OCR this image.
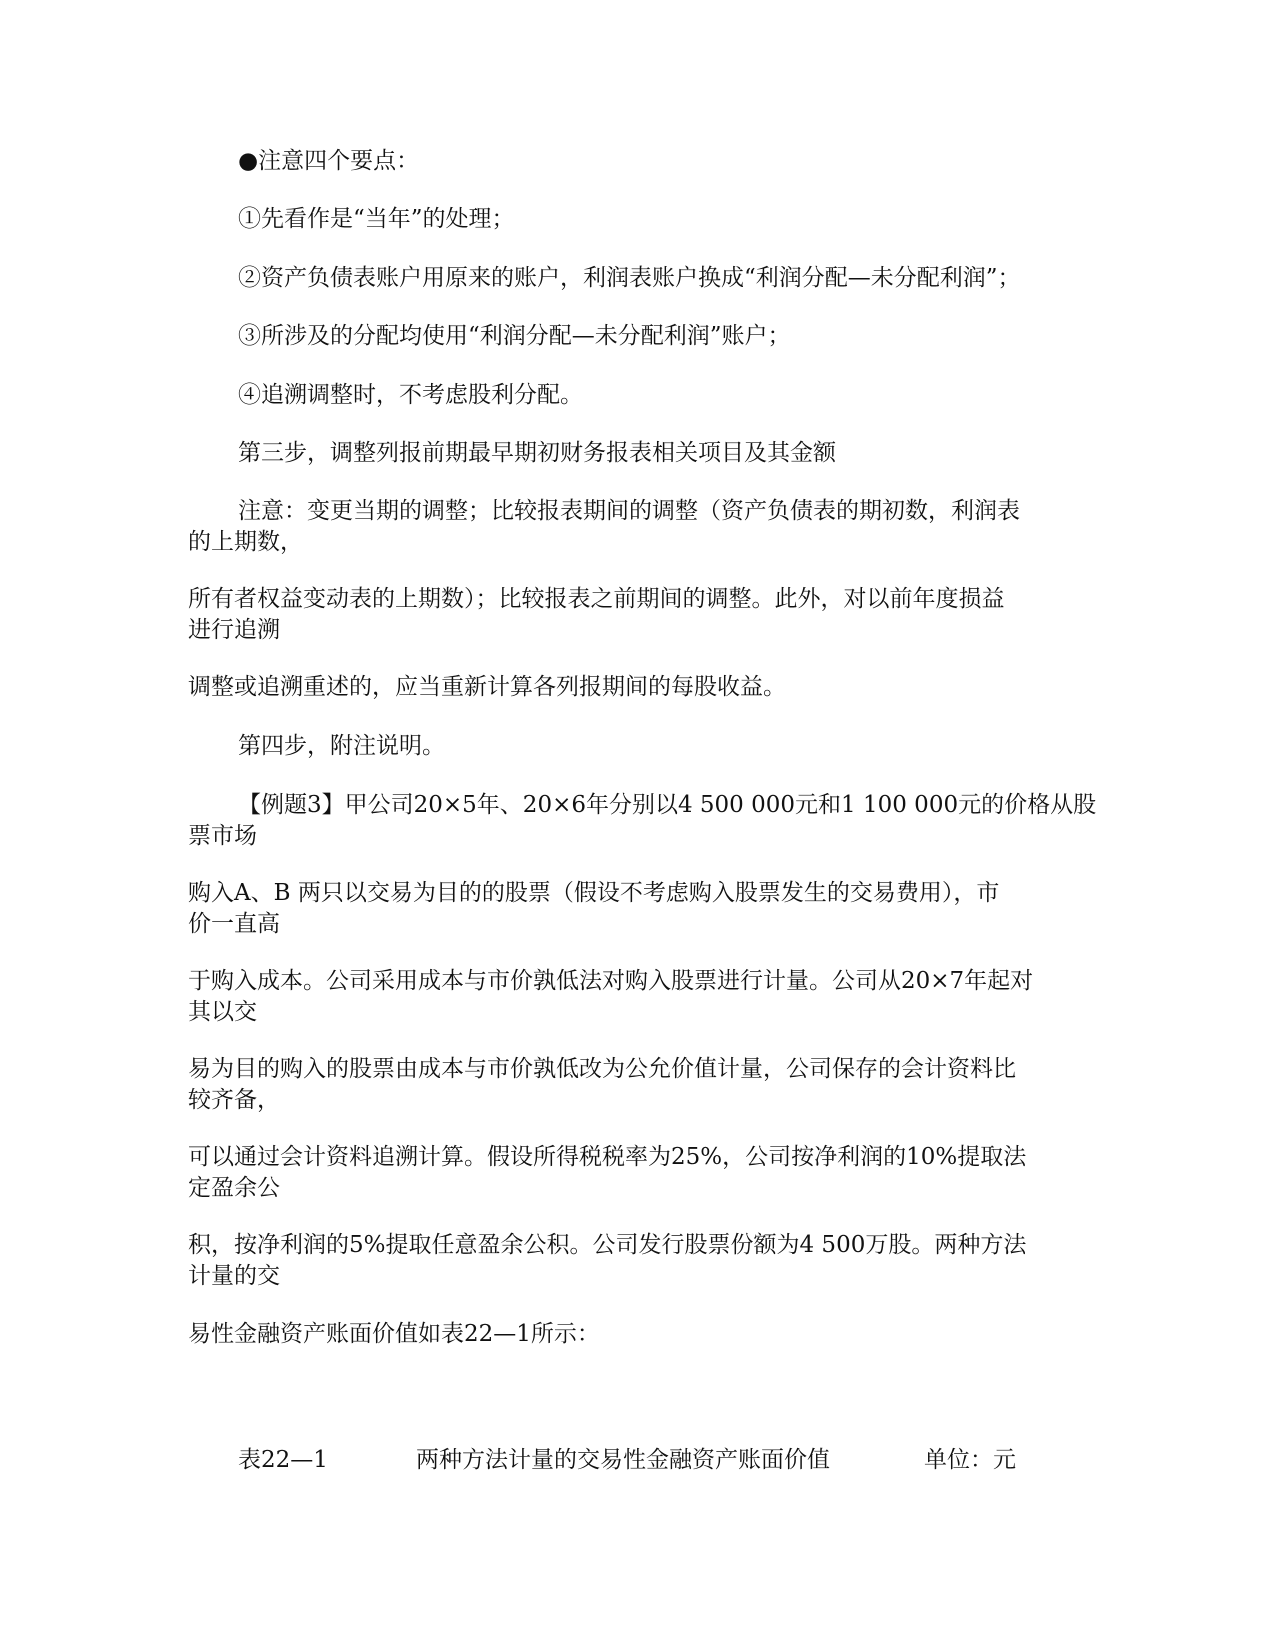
●注意四个要点：
①先看作是“当年”的处理；
②资产负债表账户用原来的账户，利润表账户换成“利润分配—未分配利润”；
③所涉及的分配均使用“利润分配—未分配利润”账户；
④追溯调整时，不考虑股利分配。
第三步，调整列报前期最早期初财务报表相关项目及其金额
注意：变更当期的调整；比较报表期间的调整（资产负债表的期初数，利润表
的上期数，
所有者权益变动表的上期数）；比较报表之前期间的调整。此外，对以前年度损益
进行追溯
调整或追溯重述的，应当重新计算各列报期间的每股收益。
第四步，附注说明。
【例题3】甲公司20×5年、20×6年分别以4 500 000元和1 100 000元的价格从股
票市场
购入A、B 两只以交易为目的的股票（假设不考虑购入股票发生的交易费用），市
价一直高
于购入成本。公司采用成本与市价孰低法对购入股票进行计量。公司从20×7年起对
其以交
易为目的购入的股票由成本与市价孰低改为公允价值计量，公司保存的会计资料比
较齐备，
可以通过会计资料追溯计算。假设所得税税率为25%，公司按净利润的10%提取法
定盈余公
积，按净利润的5%提取任意盈余公积。公司发行股票份额为4 500万股。两种方法
计量的交
易性金融资产账面价值如表22—1所示：
表22—1	两种方法计量的交易性金融资产账面价值	单位：元
